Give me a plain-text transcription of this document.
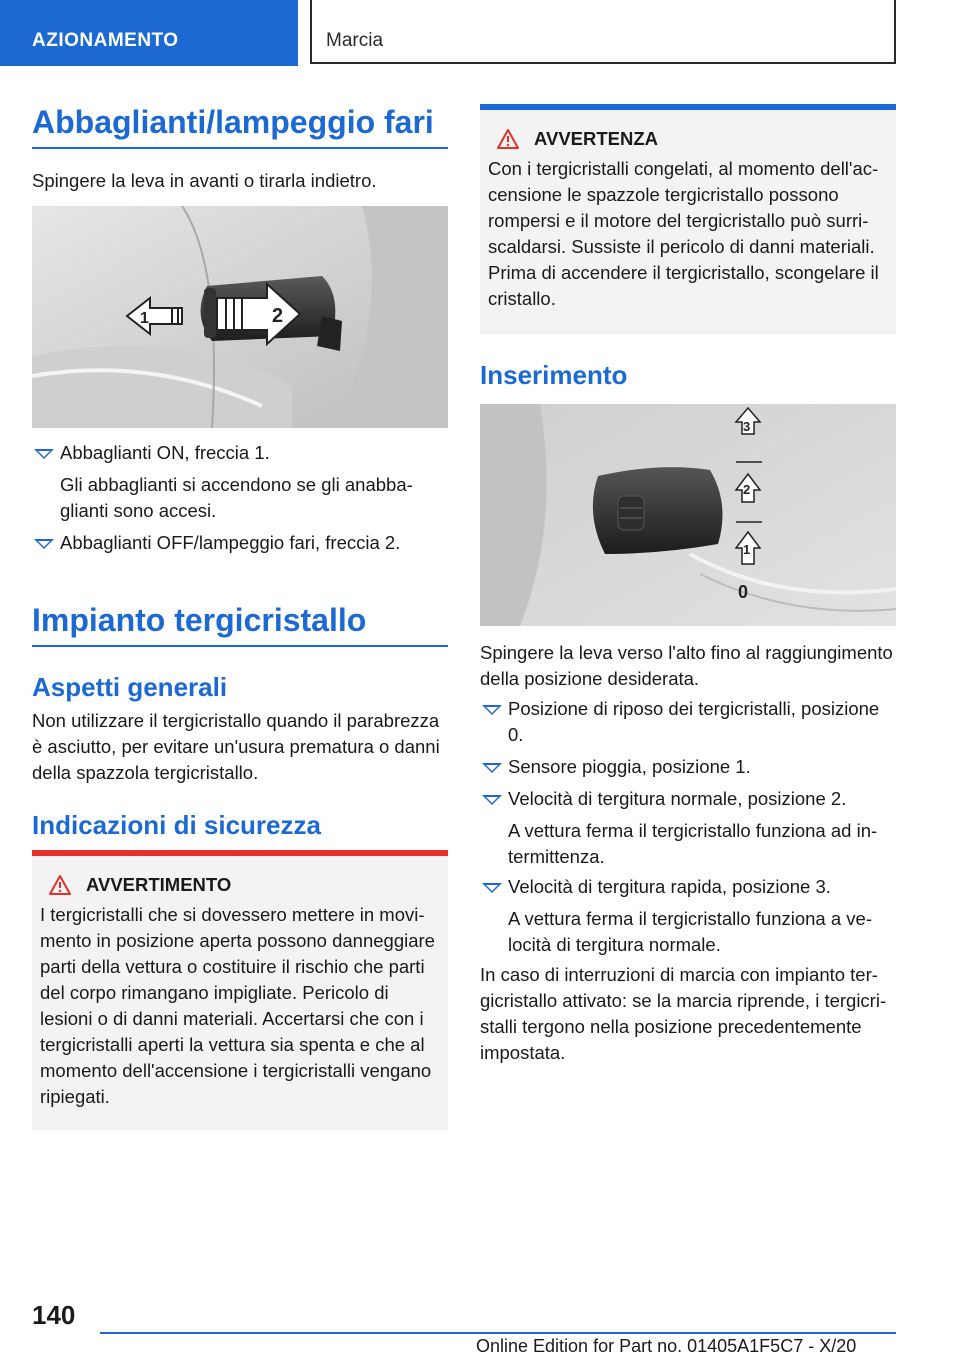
AZIONAMENTO	Marcia
Abbaglianti/lampeggio fari
Spingere la leva in avanti o tirarla indietro.
1	2
Abbaglianti ON, freccia 1.
Gli abbaglianti si accendono se gli anabbaglianti sono accesi.
Abbaglianti OFF/lampeggio fari, freccia 2.
Impianto tergicristallo
Aspetti generali
Non utilizzare il tergicristallo quando il parabrezza è asciutto, per evitare un'usura prematura o danni della spazzola tergicristallo.
Indicazioni di sicurezza
AVVERTIMENTO
I tergicristalli che si dovessero mettere in movimento in posizione aperta possono danneggiare parti della vettura o costituire il rischio che parti del corpo rimangano impigliate. Pericolo di lesioni o di danni materiali. Accertarsi che con i tergicristalli aperti la vettura sia spenta e che al momento dell'accensione i tergicristalli vengano ripiegati.
AVVERTENZA
Con i tergicristalli congelati, al momento dell'accensione le spazzole tergicristallo possono rompersi e il motore del tergicristallo può surriscaldarsi. Sussiste il pericolo di danni materiali. Prima di accendere il tergicristallo, scongelare il cristallo.
Inserimento
3
2
1
0
Spingere la leva verso l'alto fino al raggiungimento della posizione desiderata.
Posizione di riposo dei tergicristalli, posizione 0.
Sensore pioggia, posizione 1.
Velocità di tergitura normale, posizione 2.
A vettura ferma il tergicristallo funziona ad intermittenza.
Velocità di tergitura rapida, posizione 3.
A vettura ferma il tergicristallo funziona a velocità di tergitura normale.
In caso di interruzioni di marcia con impianto tergicristallo attivato: se la marcia riprende, i tergicristalli tergono nella posizione precedentemente impostata.
140
Online Edition for Part no. 01405A1F5C7 - X/20
